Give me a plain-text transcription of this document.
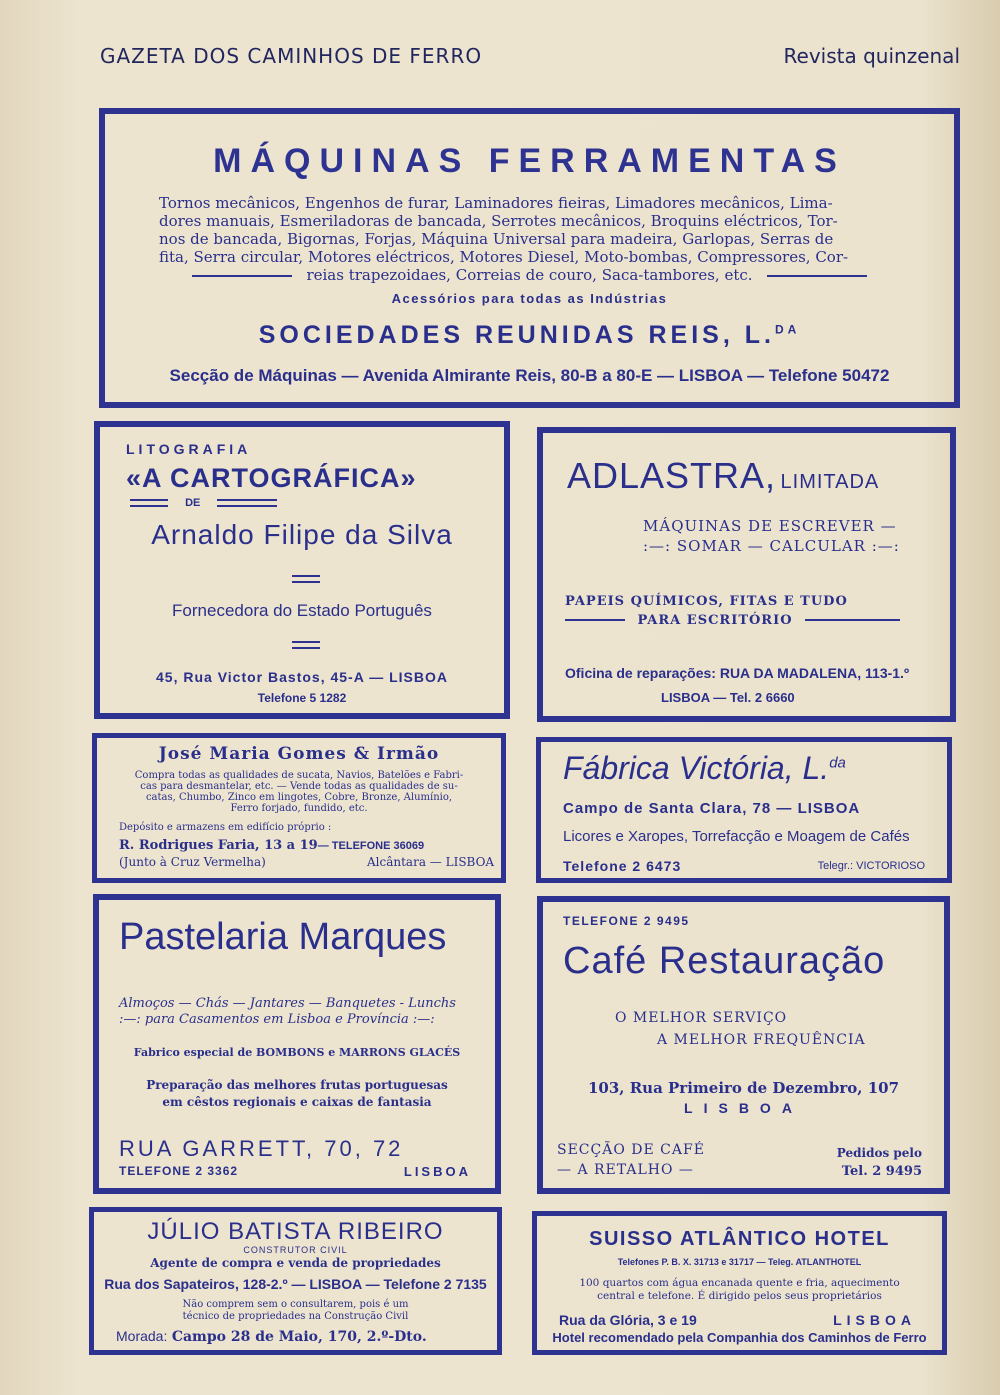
GAZETA DOS CAMINHOS DE FERRO	Revista quinzenal
MÁQUINAS FERRAMENTAS
Tornos mecânicos, Engenhos de furar, Laminadores fieiras, Limadores mecânicos, Lima-
dores manuais, Esmeriladoras de bancada, Serrotes mecânicos, Broquins eléctricos, Tor-
nos de bancada, Bigornas, Forjas, Máquina Universal para madeira, Garlopas, Serras de
fita, Serra circular, Motores eléctricos, Motores Diesel, Moto-bombas, Compressores, Cor-
reias trapezoidaes, Correias de couro, Saca-tambores, etc.
Acessórios para todas as Indústrias
SOCIEDADES REUNIDAS REIS, L.$^{DA}$
Secção de Máquinas — Avenida Almirante Reis, 80-B a 80-E — LISBOA — Telefone 50472
LITOGRAFIA
«A CARTOGRÁFICA»
DE
Arnaldo Filipe da Silva
Fornecedora do Estado Português
45, Rua Victor Bastos, 45-A — LISBOA
Telefone 5 1282
ADLASTRA, LIMITADA
MÁQUINAS DE ESCREVER —
:—: SOMAR — CALCULAR :—:
PAPEIS QUÍMICOS, FITAS E TUDO
PARA ESCRITÓRIO
Oficina de reparações: RUA DA MADALENA, 113-1.º
LISBOA — Tel. 2 6660
José Maria Gomes & Irmão
Compra todas as qualidades de sucata, Navios, Batelões e Fabri-
cas para desmantelar, etc. — Vende todas as qualidades de su-
catas, Chumbo, Zinco em lingotes, Cobre, Bronze, Alumínio,
Ferro forjado, fundido, etc.
Depósito e armazens em edifício próprio :
R. Rodrigues Faria, 13 a 19— TELEFONE 36069
(Junto à Cruz Vermelha)	Alcântara — LISBOA
Fábrica Victória, L.$^{da}$
Campo de Santa Clara, 78 — LISBOA
Licores e Xaropes, Torrefacção e Moagem de Cafés
Telefone 2 6473	Telegr.: VICTORIOSO
Pastelaria Marques
Almoços — Chás — Jantares — Banquetes - Lunchs
:—: para Casamentos em Lisboa e Província :—:
Fabrico especial de BOMBONS e MARRONS GLACÉS
Preparação das melhores frutas portuguesas
em cêstos regionais e caixas de fantasia
RUA GARRETT, 70, 72
TELEFONE 2 3362	LISBOA
TELEFONE 2 9495
Café Restauração
O MELHOR SERVIÇO
A MELHOR FREQUÊNCIA
103, Rua Primeiro de Dezembro, 107
LISBOA
SECÇÃO DE CAFÉ
— A RETALHO —
Pedidos pelo
Tel. 2 9495
JÚLIO BATISTA RIBEIRO
CONSTRUTOR CIVIL
Agente de compra e venda de propriedades
Rua dos Sapateiros, 128-2.º — LISBOA — Telefone 2 7135
Não comprem sem o consultarem, pois é um
técnico de propriedades na Construção Civil
Morada: Campo 28 de Maio, 170, 2.º-Dto.
SUISSO ATLÂNTICO HOTEL
Telefones P. B. X. 31713 e 31717 — Teleg. ATLANTHOTEL
100 quartos com água encanada quente e fria, aquecimento
central e telefone. É dirigido pelos seus proprietários
Rua da Glória, 3 e 19	LISBOA
Hotel recomendado pela Companhia dos Caminhos de Ferro
